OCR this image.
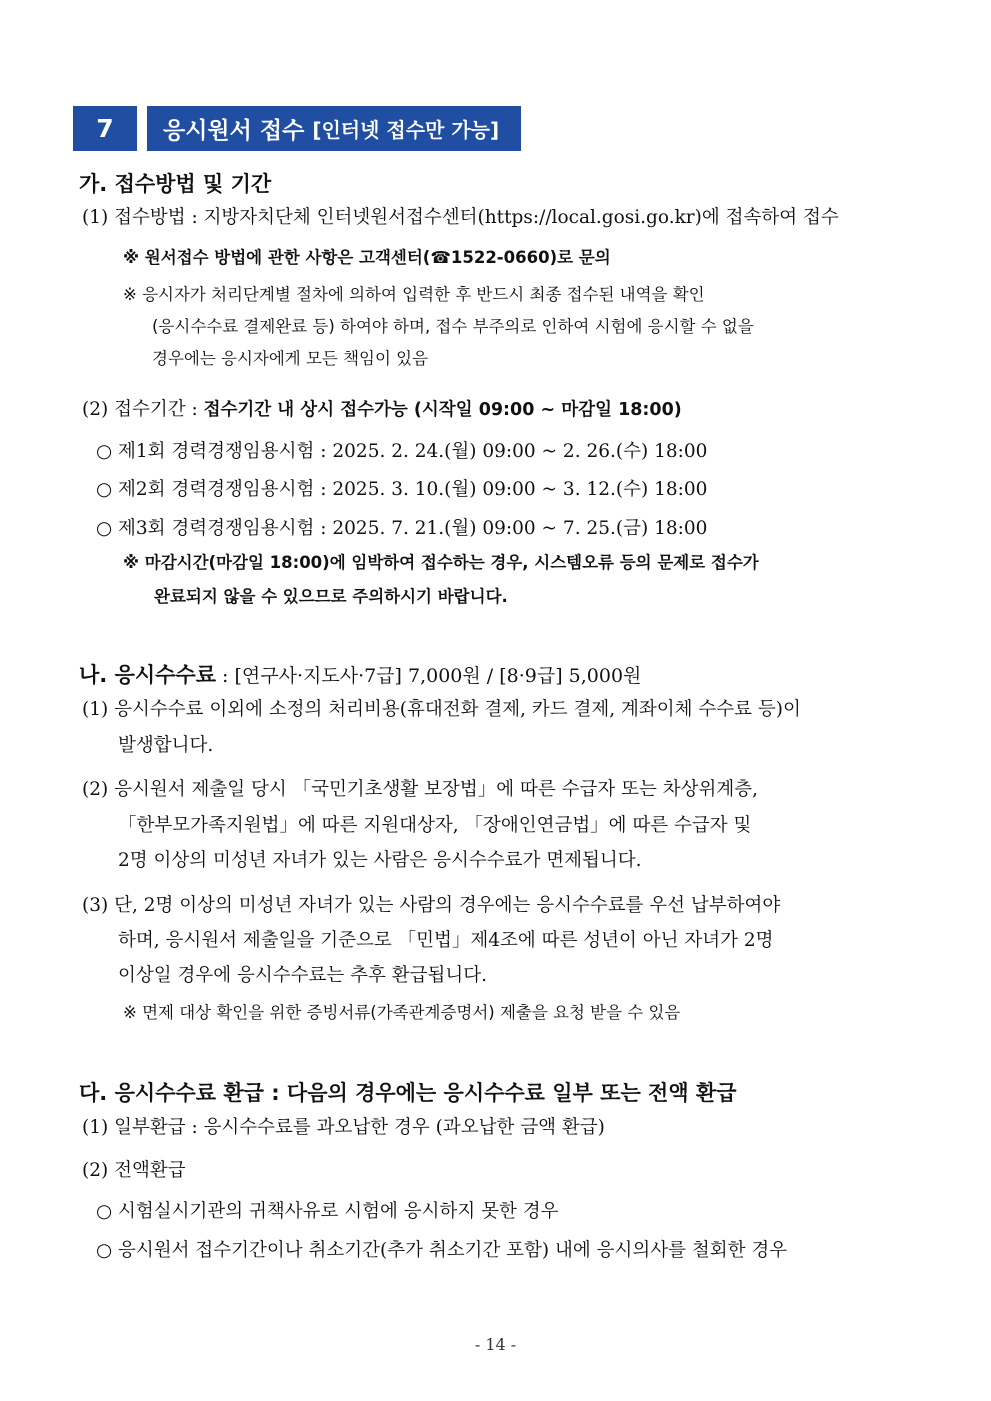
7	응시원서 접수 [인터넷 접수만 가능]
가. 접수방법 및 기간
(1) 접수방법 : 지방자치단체 인터넷원서접수센터(https://local.gosi.go.kr)에 접속하여 접수
※ 원서접수 방법에 관한 사항은 고객센터(☎1522-0660)로 문의
※ 응시자가 처리단계별 절차에 의하여 입력한 후 반드시 최종 접수된 내역을 확인
(응시수수료 결제완료 등) 하여야 하며, 접수 부주의로 인하여 시험에 응시할 수 없을
경우에는 응시자에게 모든 책임이 있음
(2) 접수기간 : 접수기간 내 상시 접수가능 (시작일 09:00 ~ 마감일 18:00)
○ 제1회 경력경쟁임용시험 : 2025. 2. 24.(월) 09:00 ~ 2. 26.(수) 18:00
○ 제2회 경력경쟁임용시험 : 2025. 3. 10.(월) 09:00 ~ 3. 12.(수) 18:00
○ 제3회 경력경쟁임용시험 : 2025. 7. 21.(월) 09:00 ~ 7. 25.(금) 18:00
※ 마감시간(마감일 18:00)에 임박하여 접수하는 경우, 시스템오류 등의 문제로 접수가
완료되지 않을 수 있으므로 주의하시기 바랍니다.
나. 응시수수료 : [연구사·지도사·7급] 7,000원 / [8·9급] 5,000원
(1) 응시수수료 이외에 소정의 처리비용(휴대전화 결제, 카드 결제, 계좌이체 수수료 등)이
발생합니다.
(2) 응시원서 제출일 당시 「국민기초생활 보장법」에 따른 수급자 또는 차상위계층,
「한부모가족지원법」에 따른 지원대상자, 「장애인연금법」에 따른 수급자 및
2명 이상의 미성년 자녀가 있는 사람은 응시수수료가 면제됩니다.
(3) 단, 2명 이상의 미성년 자녀가 있는 사람의 경우에는 응시수수료를 우선 납부하여야
하며, 응시원서 제출일을 기준으로 「민법」제4조에 따른 성년이 아닌 자녀가 2명
이상일 경우에 응시수수료는 추후 환급됩니다.
※ 면제 대상 확인을 위한 증빙서류(가족관계증명서) 제출을 요청 받을 수 있음
다. 응시수수료 환급 : 다음의 경우에는 응시수수료 일부 또는 전액 환급
(1) 일부환급 : 응시수수료를 과오납한 경우 (과오납한 금액 환급)
(2) 전액환급
○ 시험실시기관의 귀책사유로 시험에 응시하지 못한 경우
○ 응시원서 접수기간이나 취소기간(추가 취소기간 포함) 내에 응시의사를 철회한 경우
- 14 -
